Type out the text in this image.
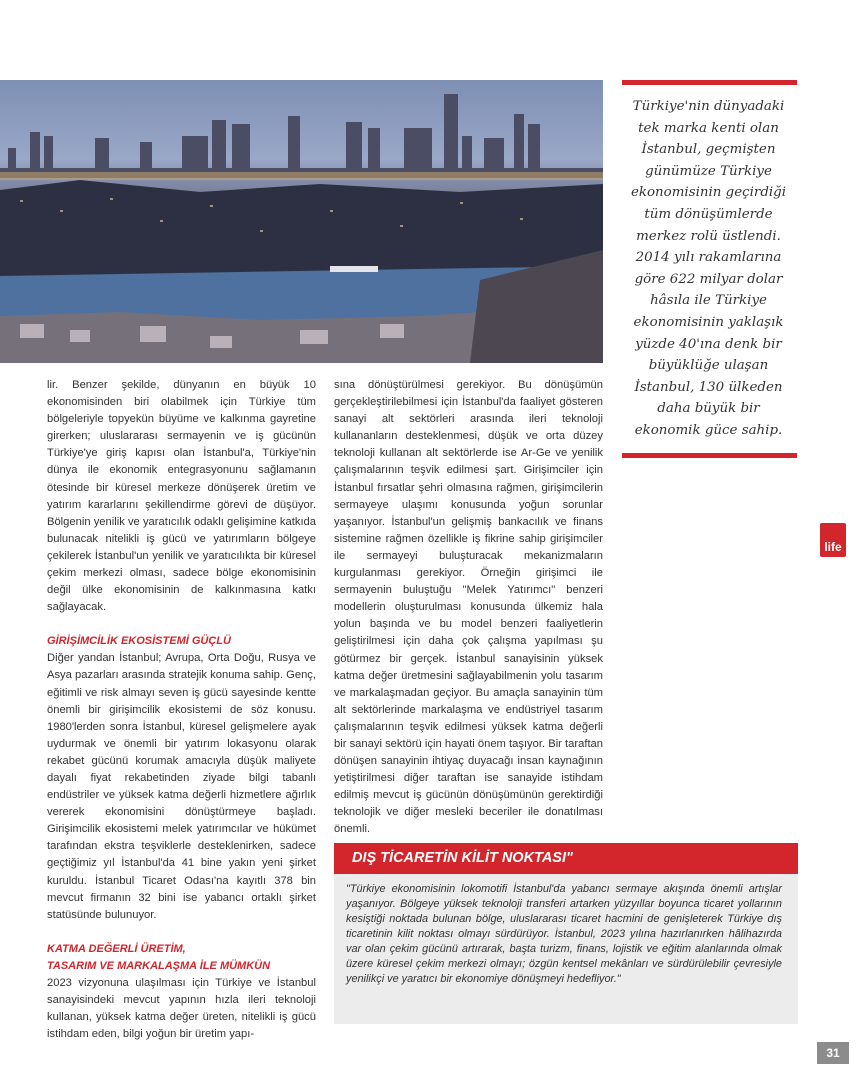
lir. Benzer şekilde, dünyanın en büyük 10 ekonomisinden biri olabilmek için Türkiye tüm bölgeleriyle topyekün büyüme ve kalkınma gayretine girerken; uluslararası sermayenin ve iş gücünün Türkiye'ye giriş kapısı olan İstanbul'a, Türkiye'nin dünya ile ekonomik entegrasyonunu sağlamanın ötesinde bir küresel merkeze dönüşerek üretim ve yatırım kararlarını şekillendirme görevi de düşüyor. Bölgenin yenilik ve yaratıcılık odaklı gelişimine katkıda bulunacak nitelikli iş gücü ve yatırımların bölgeye çekilerek İstanbul'un yenilik ve yaratıcılıkta bir küresel çekim merkezi olması, sadece bölge ekonomisinin değil ülke ekonomisinin de kalkınmasına katkı sağlayacak.

GİRİŞİMCİLİK EKOSİSTEMİ GÜÇLÜ

Diğer yandan İstanbul; Avrupa, Orta Doğu, Rusya ve Asya pazarları arasında stratejik konuma sahip. Genç, eğitimli ve risk almayı seven iş gücü sayesinde kentte önemli bir girişimcilik ekosistemi de söz konusu. 1980'lerden sonra İstanbul, küresel gelişmelere ayak uydurmak ve önemli bir yatırım lokasyonu olarak rekabet gücünü korumak amacıyla düşük maliyete dayalı fiyat rekabetinden ziyade bilgi tabanlı endüstriler ve yüksek katma değerli hizmetlere ağırlık vererek ekonomisini dönüştürmeye başladı. Girişimcilik ekosistemi melek yatırımcılar ve hükümet tarafından ekstra teşviklerle desteklenirken, sadece geçtiğimiz yıl İstanbul'da 41 bine yakın yeni şirket kuruldu. İstanbul Ticaret Odası'na kayıtlı 378 bin mevcut firmanın 32 bini ise yabancı ortaklı şirket statüsünde bulunuyor.

KATMA DEĞERLİ ÜRETİM,
TASARIM VE MARKALAŞMA İLE MÜMKÜN

2023 vizyonuna ulaşılması için Türkiye ve İstanbul sanayisindeki mevcut yapının hızla ileri teknoloji kullanan, yüksek katma değer üreten, nitelikli iş gücü istihdam eden, bilgi yoğun bir üretim yapı-

sına dönüştürülmesi gerekiyor. Bu dönüşümün gerçekleştirilebilmesi için İstanbul'da faaliyet gösteren sanayi alt sektörleri arasında ileri teknoloji kullananların desteklenmesi, düşük ve orta düzey teknoloji kullanan alt sektörlerde ise Ar-Ge ve yenilik çalışmalarının teşvik edilmesi şart. Girişimciler için İstanbul fırsatlar şehri olmasına rağmen, girişimcilerin sermayeye ulaşımı konusunda yoğun sorunlar yaşanıyor. İstanbul'un gelişmiş bankacılık ve finans sistemine rağmen özellikle iş fikrine sahip girişimciler ile sermayeyi buluşturacak mekanizmaların kurgulanması gerekiyor. Örneğin girişimci ile sermayenin buluştuğu "Melek Yatırımcı" benzeri modellerin oluşturulması konusunda ülkemiz hala yolun başında ve bu model benzeri faaliyetlerin geliştirilmesi için daha çok çalışma yapılması şu götürmez bir gerçek. İstanbul sanayisinin yüksek katma değer üretmesini sağlayabilmenin yolu tasarım ve markalaşmadan geçiyor. Bu amaçla sanayinin tüm alt sektörlerinde markalaşma ve endüstriyel tasarım çalışmalarının teşvik edilmesi yüksek katma değerli bir sanayi sektörü için hayati önem taşıyor. Bir taraftan dönüşen sanayinin ihtiyaç duyacağı insan kaynağının yetiştirilmesi diğer taraftan ise sanayide istihdam edilmiş mevcut iş gücünün dönüşümünün gerektirdiği teknolojik ve diğer mesleki beceriler ile donatılması önemli.

Türkiye'nin dünyadaki tek marka kenti olan İstanbul, geçmişten günümüze Türkiye ekonomisinin geçirdiği tüm dönüşümlerde merkez rolü üstlendi. 2014 yılı rakamlarına göre 622 milyar dolar hâsıla ile Türkiye ekonomisinin yaklaşık yüzde 40'ına denk bir büyüklüğe ulaşan İstanbul, 130 ülkeden daha büyük bir ekonomik güce sahip.
life
DIŞ TİCARETİN KİLİT NOKTASI"
"Türkiye ekonomisinin lokomotifi İstanbul'da yabancı sermaye akışında önemli artışlar yaşanıyor. Bölgeye yüksek teknoloji transferi artarken yüzyıllar boyunca ticaret yollarının kesiştiği noktada bulunan bölge, uluslararası ticaret hacmini de genişleterek Türkiye dış ticaretinin kilit noktası olmayı sürdürüyor. İstanbul, 2023 yılına hazırlanırken hâlihazırda var olan çekim gücünü artırarak, başta turizm, finans, lojistik ve eğitim alanlarında olmak üzere küresel çekim merkezi olmayı; özgün kentsel mekânları ve sürdürülebilir çevresiyle yenilikçi ve yaratıcı bir ekonomiye dönüşmeyi hedefliyor."
31
